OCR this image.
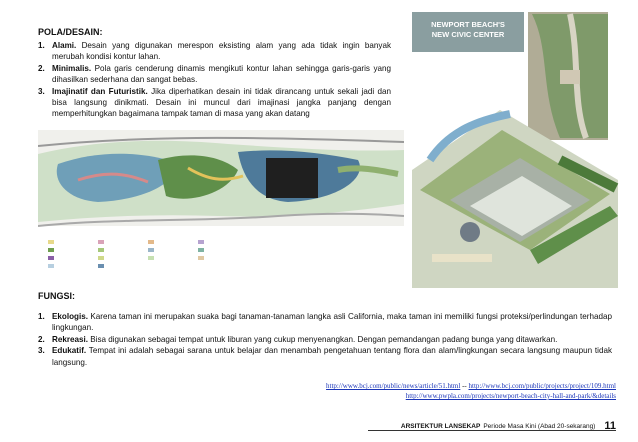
POLA/DESAIN:
1. Alami. Desain yang digunakan merespon eksisting alam yang ada tidak ingin banyak merubah kondisi kontur lahan.
2. Minimalis. Pola garis cenderung dinamis mengikuti kontur lahan sehingga garis-garis yang dihasilkan sederhana dan sangat bebas.
3. Imajinatif dan Futuristik. Jika diperhatikan desain ini tidak dirancang untuk sekali jadi dan bisa langsung dinikmati. Desain ini muncul dari imajinasi jangka panjang dengan memperhitungkan bagaimana tampak taman di masa yang akan datang
NEWPORT BEACH'S
NEW CIVIC CENTER
FUNGSI:
1. Ekologis. Karena taman ini merupakan suaka bagi tanaman-tanaman langka asli California, maka taman ini memiliki fungsi proteksi/perlindungan terhadap lingkungan.
2. Rekreasi. Bisa digunakan sebagai tempat untuk liburan yang cukup menyenangkan. Dengan pemandangan padang bunga yang ditawarkan.
3. Edukatif. Tempat ini adalah sebagai sarana untuk belajar dan menambah pengetahuan tentang flora dan alam/lingkungan secara langsung maupun tidak langsung.
http://www.bcj.com/public/news/article/51.html -- http://www.bcj.com/public/projects/project/109.html
http://www.pwpla.com/projects/newport-beach-city-hall-and-park/&details
ARSITEKTUR LANSEKAP Periode Masa Kini (Abad 20-sekarang) 11
